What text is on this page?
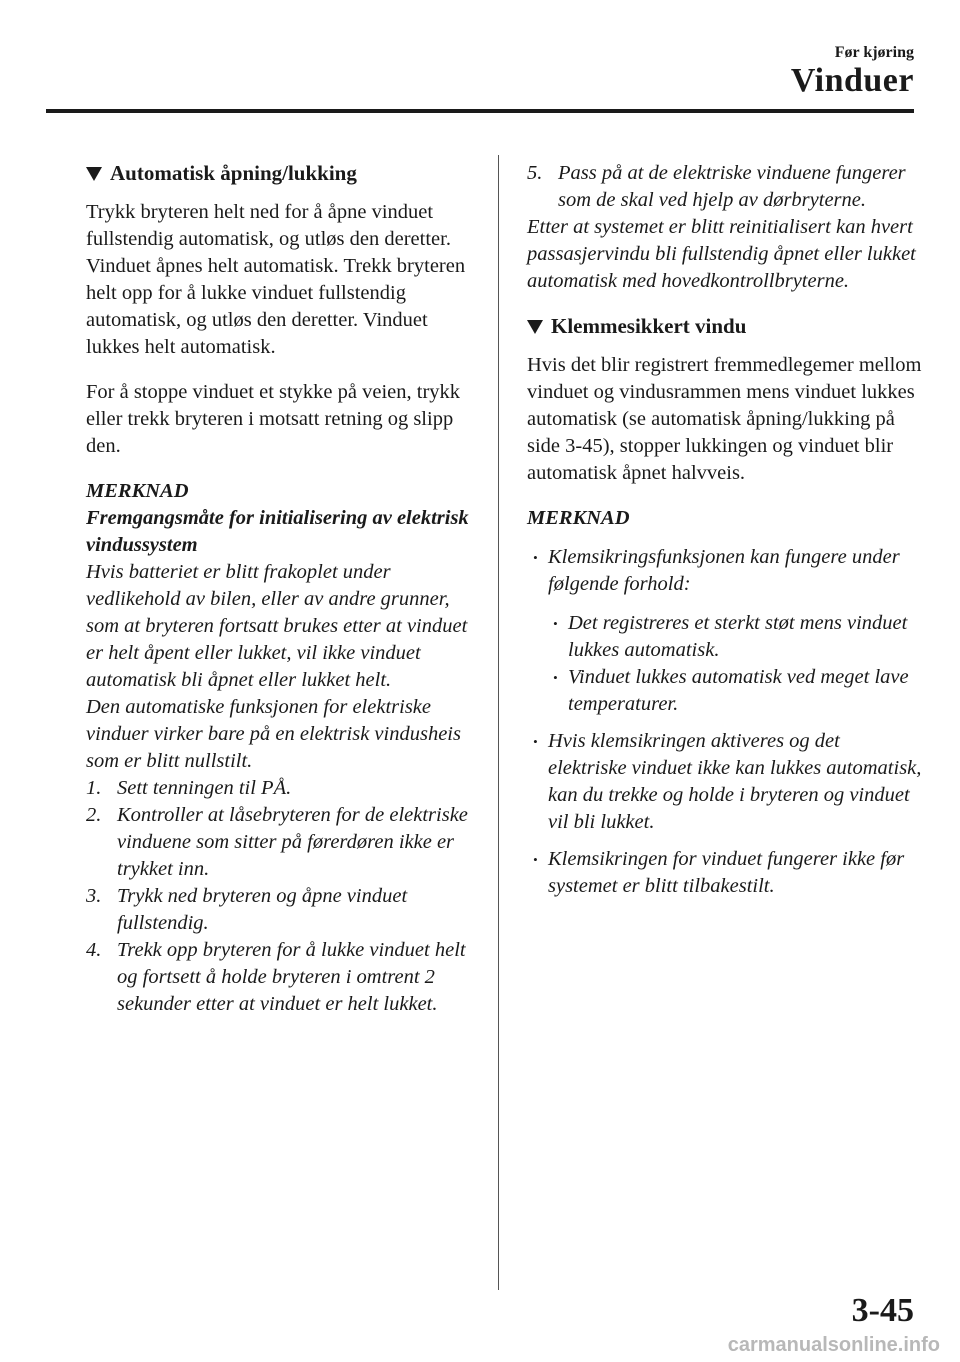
Før kjøring
Vinduer
Automatisk åpning/lukking

Trykk bryteren helt ned for å åpne vinduet fullstendig automatisk, og utløs den deretter. Vinduet åpnes helt automatisk. Trekk bryteren helt opp for å lukke vinduet fullstendig automatisk, og utløs den deretter. Vinduet lukkes helt automatisk.

For å stoppe vinduet et stykke på veien, trykk eller trekk bryteren i motsatt retning og slipp den.

MERKNAD
Fremgangsmåte for initialisering av elektrisk vindussystem
Hvis batteriet er blitt frakoplet under vedlikehold av bilen, eller av andre grunner, som at bryteren fortsatt brukes etter at vinduet er helt åpent eller lukket, vil ikke vinduet automatisk bli åpnet eller lukket helt.
Den automatiske funksjonen for elektriske vinduer virker bare på en elektrisk vindusheis som er blitt nullstilt.
1. Sett tenningen til PÅ.
2. Kontroller at låsebryteren for de elektriske vinduene som sitter på førerdøren ikke er trykket inn.
3. Trykk ned bryteren og åpne vinduet fullstendig.
4. Trekk opp bryteren for å lukke vinduet helt og fortsett å holde bryteren i omtrent 2 sekunder etter at vinduet er helt lukket.
5. Pass på at de elektriske vinduene fungerer som de skal ved hjelp av dørbryterne.

Etter at systemet er blitt reinitialisert kan hvert passasjervindu bli fullstendig åpnet eller lukket automatisk med hovedkontrollbryterne.

Klemmesikkert vindu

Hvis det blir registrert fremmedlegemer mellom vinduet og vindusrammen mens vinduet lukkes automatisk (se automatisk åpning/lukking på side 3-45), stopper lukkingen og vinduet blir automatisk åpnet halvveis.

MERKNAD
• Klemsikringsfunksjonen kan fungere under følgende forhold:
• Det registreres et sterkt støt mens vinduet lukkes automatisk.
• Vinduet lukkes automatisk ved meget lave temperaturer.
• Hvis klemsikringen aktiveres og det elektriske vinduet ikke kan lukkes automatisk, kan du trekke og holde i bryteren og vinduet vil bli lukket.
• Klemsikringen for vinduet fungerer ikke før systemet er blitt tilbakestilt.
3-45
carmanualsonline.info
